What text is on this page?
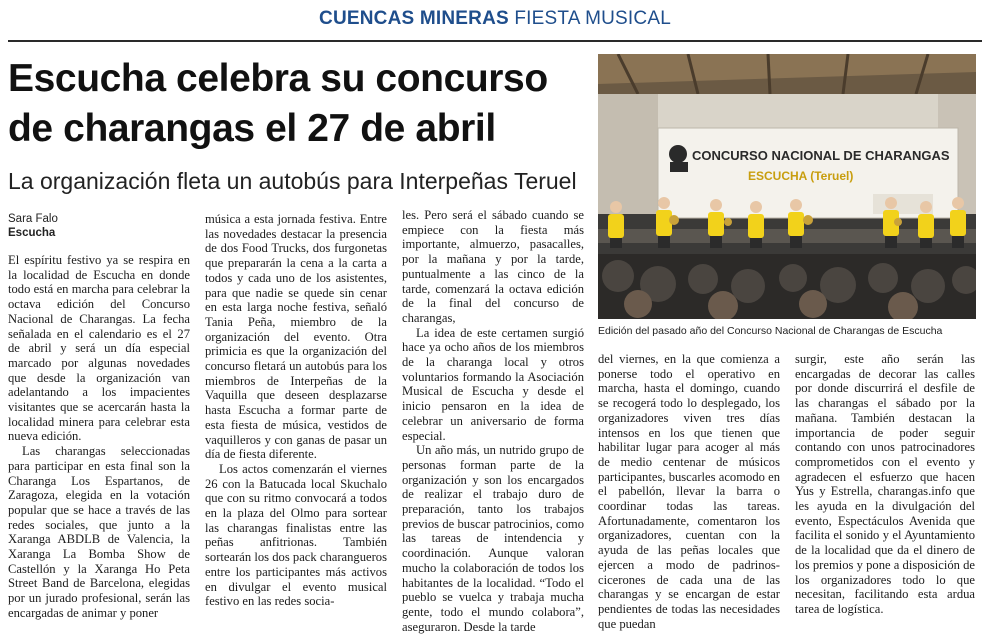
CUENCAS MINERAS FIESTA MUSICAL
Escucha celebra su concurso de charangas el 27 de abril
La organización fleta un autobús para Interpeñas Teruel
Sara Falo
Escucha

El espíritu festivo ya se respira en la localidad de Escucha en donde todo está en marcha para celebrar la octava edición del Concurso Nacional de Charangas. La fecha señalada en el calendario es el 27 de abril y será un día especial marcado por algunas novedades que desde la organización van adelantando a los impacientes visitantes que se acercarán hasta la localidad minera para celebrar esta nueva edición.

Las charangas seleccionadas para participar en esta final son la Charanga Los Espartanos, de Zaragoza, elegida en la votación popular que se hace a través de las redes sociales, que junto a la Xaranga ABDLB de Valencia, la Xaranga La Bomba Show de Castellón y la Xaranga Ho Peta Street Band de Barcelona, elegidas por un jurado profesional, serán las encargadas de animar y poner

música a esta jornada festiva. Entre las novedades destacar la presencia de dos Food Trucks, dos furgonetas que prepararán la cena a la carta a todos y cada uno de los asistentes, para que nadie se quede sin cenar en esta larga noche festiva, señaló Tania Peña, miembro de la organización del evento. Otra primicia es que la organización del concurso fletará un autobús para los miembros de Interpeñas de la Vaquilla que deseen desplazarse hasta Escucha a formar parte de esta fiesta de música, vestidos de vaquilleros y con ganas de pasar un día de fiesta diferente.

Los actos comenzarán el viernes 26 con la Batucada local Skuchalo que con su ritmo convocará a todos en la plaza del Olmo para sortear las charangas finalistas entre las peñas anfitrionas. También sortearán los dos pack charangueros entre los participantes más activos en divulgar el evento musical festivo en las redes socia-

les. Pero será el sábado cuando se empiece con la fiesta más importante, almuerzo, pasacalles, por la mañana y por la tarde, puntualmente a las cinco de la tarde, comenzará la octava edición de la final del concurso de charangas,

La idea de este certamen surgió hace ya ocho años de los miembros de la charanga local y otros voluntarios formando la Asociación Musical de Escucha y desde el inicio pensaron en la idea de celebrar un aniversario de forma especial.

Un año más, un nutrido grupo de personas forman parte de la organización y son los encargados de realizar el trabajo duro de preparación, tanto los trabajos previos de buscar patrocinios, como las tareas de intendencia y coordinación. Aunque valoran mucho la colaboración de todos los habitantes de la localidad. “Todo el pueblo se vuelca y trabaja mucha gente, todo el mundo colabora”, aseguraron. Desde la tarde

CONCURSO NACIONAL DE CHARANGAS
ESCUCHA (Teruel)
Edición del pasado año del Concurso Nacional de Charangas de Escucha

del viernes, en la que comienza a ponerse todo el operativo en marcha, hasta el domingo, cuando se recogerá todo lo desplegado, los organizadores viven tres días intensos en los que tienen que habilitar lugar para acoger al más de medio centenar de músicos participantes, buscarles acomodo en el pabellón, llevar la barra o coordinar todas las tareas. Afortunadamente, comentaron los organizadores, cuentan con la ayuda de las peñas locales que ejercen a modo de padrinos-cicerones de cada una de las charangas y se encargan de estar pendientes de todas las necesidades que puedan

surgir, este año serán las encargadas de decorar las calles por donde discurrirá el desfile de las charangas el sábado por la mañana. También destacan la importancia de poder seguir contando con unos patrocinadores comprometidos con el evento y agradecen el esfuerzo que hacen Yus y Estrella, charangas.info que les ayuda en la divulgación del evento, Espectáculos Avenida que facilita el sonido y el Ayuntamiento de la localidad que da el dinero de los premios y pone a disposición de los organizadores todo lo que necesitan, facilitando esta ardua tarea de logística.
